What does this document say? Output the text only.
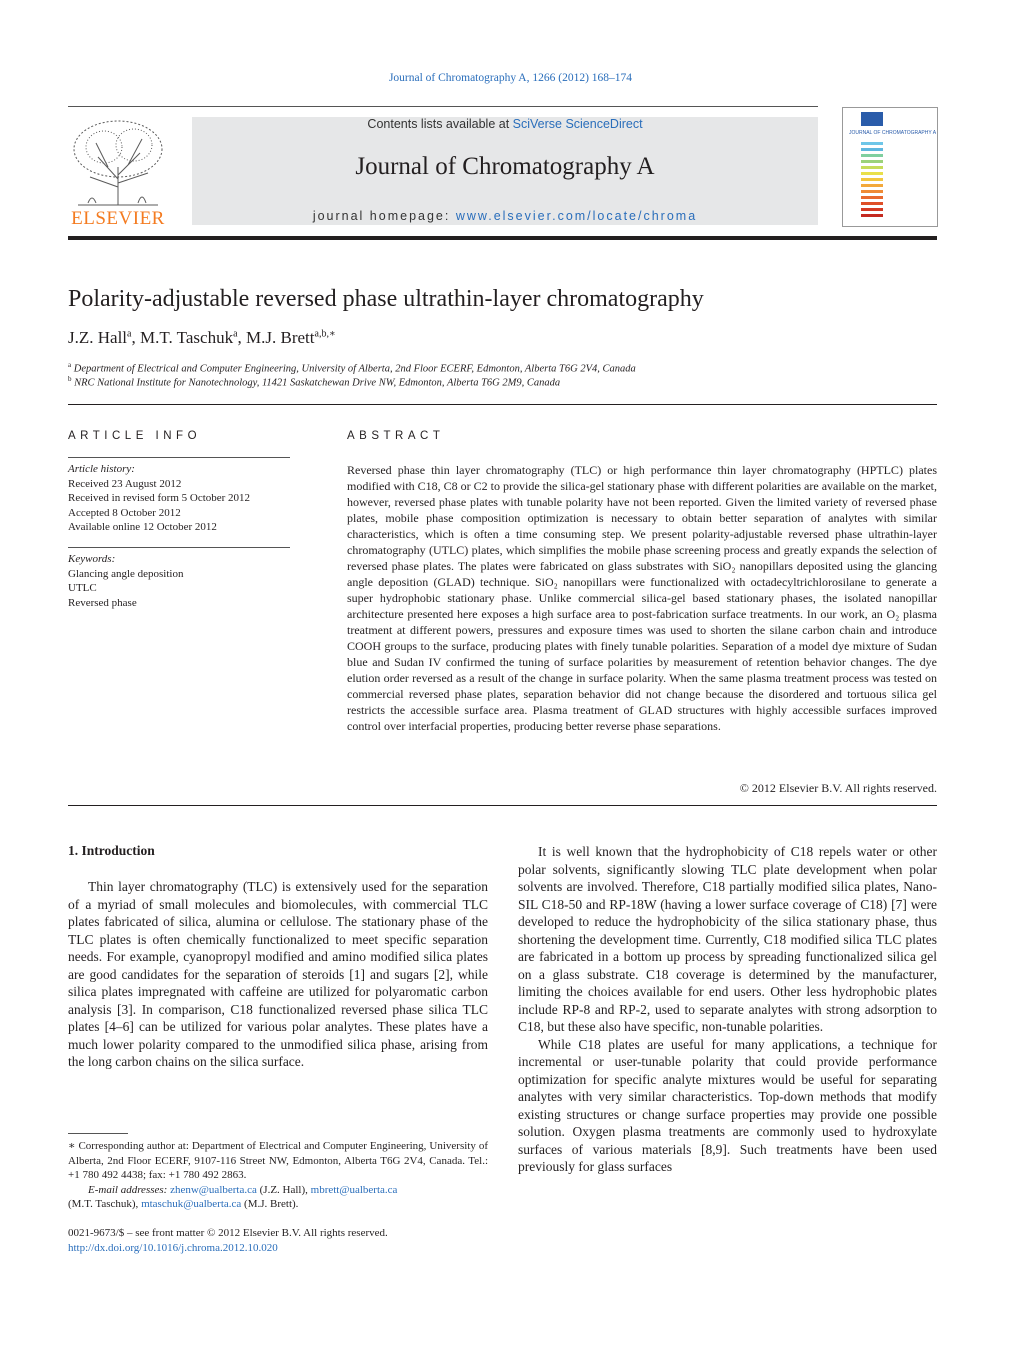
Journal of Chromatography A, 1266 (2012) 168–174
ELSEVIER
Contents lists available at SciVerse ScienceDirect
Journal of Chromatography A
journal homepage: www.elsevier.com/locate/chroma
JOURNAL OF CHROMATOGRAPHY A
Polarity-adjustable reversed phase ultrathin-layer chromatography
J.Z. Hall$^a$, M.T. Taschuk$^a$, M.J. Brett$^{a,b,∗}$
$^a$ Department of Electrical and Computer Engineering, University of Alberta, 2nd Floor ECERF, Edmonton, Alberta T6G 2V4, Canada
$^b$ NRC National Institute for Nanotechnology, 11421 Saskatchewan Drive NW, Edmonton, Alberta T6G 2M9, Canada
ARTICLE INFO
Article history:
Received 23 August 2012
Received in revised form 5 October 2012
Accepted 8 October 2012
Available online 12 October 2012
Keywords:
Glancing angle deposition
UTLC
Reversed phase
ABSTRACT
Reversed phase thin layer chromatography (TLC) or high performance thin layer chromatography (HPTLC) plates modified with C18, C8 or C2 to provide the silica-gel stationary phase with different polarities are available on the market, however, reversed phase plates with tunable polarity have not been reported. Given the limited variety of reversed phase plates, mobile phase composition optimization is necessary to obtain better separation of analytes with similar characteristics, which is often a time consuming step. We present polarity-adjustable reversed phase ultrathin-layer chromatography (UTLC) plates, which simplifies the mobile phase screening process and greatly expands the selection of reversed phase plates. The plates were fabricated on glass substrates with SiO₂ nanopillars deposited using the glancing angle deposition (GLAD) technique. SiO₂ nanopillars were functionalized with octadecyltrichlorosilane to generate a super hydrophobic stationary phase. Unlike commercial silica-gel based stationary phases, the isolated nanopillar architecture presented here exposes a high surface area to post-fabrication surface treatments. In our work, an O₂ plasma treatment at different powers, pressures and exposure times was used to shorten the silane carbon chain and introduce COOH groups to the surface, producing plates with finely tunable polarities. Separation of a model dye mixture of Sudan blue and Sudan IV confirmed the tuning of surface polarities by measurement of retention behavior changes. The dye elution order reversed as a result of the change in surface polarity. When the same plasma treatment process was tested on commercial reversed phase plates, separation behavior did not change because the disordered and tortuous silica gel restricts the accessible surface area. Plasma treatment of GLAD structures with highly accessible surfaces improved control over interfacial properties, producing better reverse phase separations.
© 2012 Elsevier B.V. All rights reserved.
1. Introduction

Thin layer chromatography (TLC) is extensively used for the separation of a myriad of small molecules and biomolecules, with commercial TLC plates fabricated of silica, alumina or cellulose. The stationary phase of the TLC plates is often chemically functionalized to meet specific separation needs. For example, cyanopropyl modified and amino modified silica plates are good candidates for the separation of steroids [1] and sugars [2], while silica plates impregnated with caffeine are utilized for polyaromatic carbon analysis [3]. In comparison, C18 functionalized reversed phase silica TLC plates [4–6] can be utilized for various polar analytes. These plates have a much lower polarity compared to the unmodified silica phase, arising from the long carbon chains on the silica surface.

It is well known that the hydrophobicity of C18 repels water or other polar solvents, significantly slowing TLC plate development when polar solvents are involved. Therefore, C18 partially modified silica plates, Nano-SIL C18-50 and RP-18W (having a lower surface coverage of C18) [7] were developed to reduce the hydrophobicity of the silica stationary phase, thus shortening the development time. Currently, C18 modified silica TLC plates are fabricated in a bottom up process by spreading functionalized silica gel on a glass substrate. C18 coverage is determined by the manufacturer, limiting the choices available for end users. Other less hydrophobic plates include RP-8 and RP-2, used to separate analytes with strong adsorption to C18, but these also have specific, non-tunable polarities.

While C18 plates are useful for many applications, a technique for incremental or user-tunable polarity that could provide performance optimization for specific analyte mixtures would be useful for separating analytes with very similar characteristics. Top-down methods that modify existing structures or change surface properties may provide one possible solution. Oxygen plasma treatments are commonly used to hydroxylate surfaces of various materials [8,9]. Such treatments have been used previously for glass surfaces

∗ Corresponding author at: Department of Electrical and Computer Engineering, University of Alberta, 2nd Floor ECERF, 9107-116 Street NW, Edmonton, Alberta T6G 2V4, Canada. Tel.: +1 780 492 4438; fax: +1 780 492 2863.
E-mail addresses: zhenw@ualberta.ca (J.Z. Hall), mbrett@ualberta.ca
(M.T. Taschuk), mtaschuk@ualberta.ca (M.J. Brett).
0021-9673/$ – see front matter © 2012 Elsevier B.V. All rights reserved.
http://dx.doi.org/10.1016/j.chroma.2012.10.020
